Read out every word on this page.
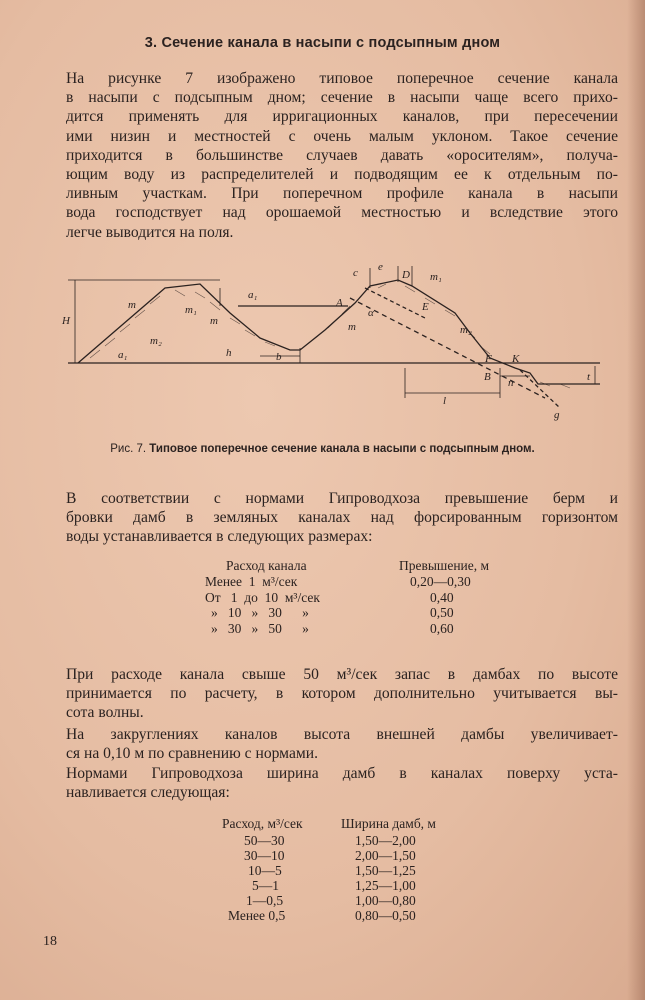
3. Сечение канала в насыпи с подсыпным дном
На рисунке 7 изображено типовое поперечное сечение канала
в насыпи с подсыпным дном; сечение в насыпи чаще всего прихо-
дится применять для ирригационных каналов, при пересечении
ими низин и местностей с очень малым уклоном. Такое сечение
приходится в большинстве случаев давать «оросителям», получа-
ющим воду из распределителей и подводящим ее к отдельным по-
ливным участкам. При поперечном профиле канала в насыпи
вода господствует над орошаемой местностью и вследствие этого
легче выводится на поля.
c e
D m₁
m₁
m
m	m
a₁
a₁
A
α	E
m₂
m₂
F K
H
h	b
B n	t
l
g
Рис. 7. Типовое поперечное сечение канала в насыпи с подсыпным дном.
В соответствии с нормами Гипроводхоза превышение берм и
бровки дамб в земляных каналах над форсированным горизонтом
воды устанавливается в следующих размерах:
Расход канала	Превышение, м
Менее  1  м³/сек	0,20—0,30
От   1  до  10  м³/сек	0,40
»   10   »   30      »	0,50
»   30   »   50      »	0,60
При расходе канала свыше 50 м³/сек запас в дамбах по высоте
принимается по расчету, в котором дополнительно учитывается вы-
сота волны.
На закруглениях каналов высота внешней дамбы увеличивает-
ся на 0,10 м по сравнению с нормами.
Нормами Гипроводхоза ширина дамб в каналах поверху уста-
навливается следующая:
Расход, м³/сек	Ширина дамб, м
50—30	1,50—2,00
30—10	2,00—1,50
10—5	1,50—1,25
5—1	1,25—1,00
1—0,5	1,00—0,80
Менее 0,5	0,80—0,50
18
